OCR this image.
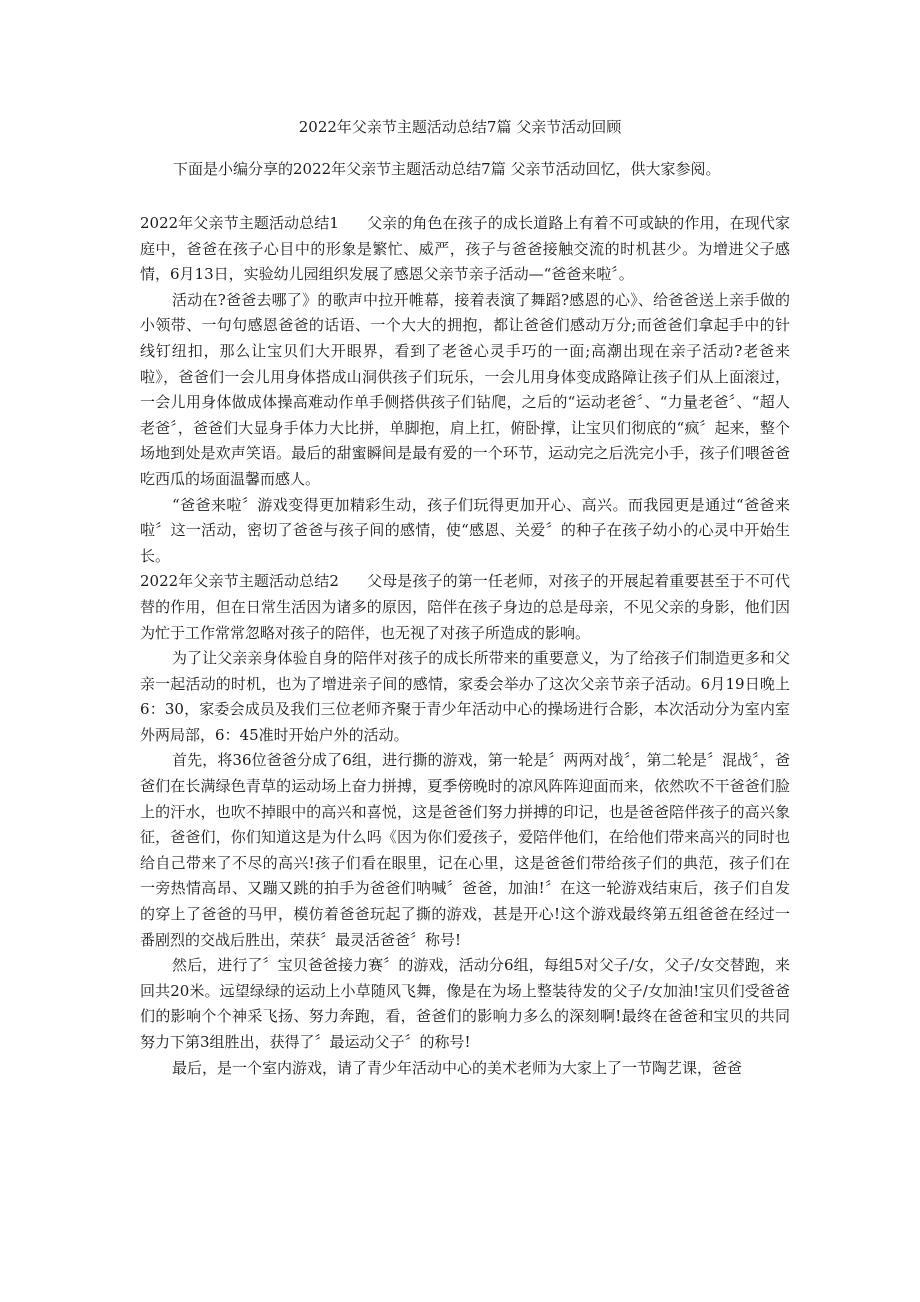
2022年父亲节主题活动总结7篇 父亲节活动回顾
下面是小编分享的2022年父亲节主题活动总结7篇 父亲节活动回忆，供大家参阅。

2022年父亲节主题活动总结1 父亲的角色在孩子的成长道路上有着不可或缺的作用，在现代家庭中，爸爸在孩子心目中的形象是繁忙、威严，孩子与爸爸接触交流的时机甚少。为增进父子感情，6月13日，实验幼儿园组织发展了感恩父亲节亲子活动—“爸爸来啦〞。

活动在?爸爸去哪了》的歌声中拉开帷幕，接着表演了舞蹈?感恩的心》、给爸爸送上亲手做的小领带、一句句感恩爸爸的话语、一个大大的拥抱，都让爸爸们感动万分;而爸爸们拿起手中的针线钉纽扣，那么让宝贝们大开眼界，看到了老爸心灵手巧的一面;高潮出现在亲子活动?老爸来啦》，爸爸们一会儿用身体搭成山洞供孩子们玩乐，一会儿用身体变成路障让孩子们从上面滚过，一会儿用身体做成体操高难动作单手侧搭供孩子们钻爬，之后的“运动老爸〞、“力量老爸〞、“超人老爸〞，爸爸们大显身手体力大比拼，单脚抱，肩上扛，俯卧撑，让宝贝们彻底的“疯〞起来，整个场地到处是欢声笑语。最后的甜蜜瞬间是最有爱的一个环节，运动完之后洗完小手，孩子们喂爸爸吃西瓜的场面温馨而感人。

“爸爸来啦〞游戏变得更加精彩生动，孩子们玩得更加开心、高兴。而我园更是通过“爸爸来啦〞这一活动，密切了爸爸与孩子间的感情，使“感恩、关爱〞的种子在孩子幼小的心灵中开始生长。

2022年父亲节主题活动总结2 父母是孩子的第一任老师，对孩子的开展起着重要甚至于不可代替的作用，但在日常生活因为诸多的原因，陪伴在孩子身边的总是母亲，不见父亲的身影，他们因为忙于工作常常忽略对孩子的陪伴，也无视了对孩子所造成的影响。

为了让父亲亲身体验自身的陪伴对孩子的成长所带来的重要意义，为了给孩子们制造更多和父亲一起活动的时机，也为了增进亲子间的感情，家委会举办了这次父亲节亲子活动。6月19日晚上6：30，家委会成员及我们三位老师齐聚于青少年活动中心的操场进行合影，本次活动分为室内室外两局部，6：45准时开始户外的活动。

首先，将36位爸爸分成了6组，进行撕的游戏，第一轮是〞两两对战〞，第二轮是〞混战〞，爸爸们在长满绿色青草的运动场上奋力拼搏，夏季傍晚时的凉风阵阵迎面而来，依然吹不干爸爸们脸上的汗水，也吹不掉眼中的高兴和喜悦，这是爸爸们努力拼搏的印记，也是爸爸陪伴孩子的高兴象征，爸爸们，你们知道这是为什么吗《因为你们爱孩子，爱陪伴他们，在给他们带来高兴的同时也给自己带来了不尽的高兴!孩子们看在眼里，记在心里，这是爸爸们带给孩子们的典范，孩子们在一旁热情高昂、又蹦又跳的拍手为爸爸们呐喊〞爸爸，加油!〞在这一轮游戏结束后，孩子们自发的穿上了爸爸的马甲，模仿着爸爸玩起了撕的游戏，甚是开心!这个游戏最终第五组爸爸在经过一番剧烈的交战后胜出，荣获〞最灵活爸爸〞称号!

然后，进行了〞宝贝爸爸接力赛〞的游戏，活动分6组，每组5对父子/女，父子/女交替跑，来回共20米。远望绿绿的运动上小草随风飞舞，像是在为场上整装待发的父子/女加油!宝贝们受爸爸们的影响个个神采飞扬、努力奔跑，看，爸爸们的影响力多么的深刻啊!最终在爸爸和宝贝的共同努力下第3组胜出，获得了〞最运动父子〞的称号!

最后，是一个室内游戏，请了青少年活动中心的美术老师为大家上了一节陶艺课，爸爸
